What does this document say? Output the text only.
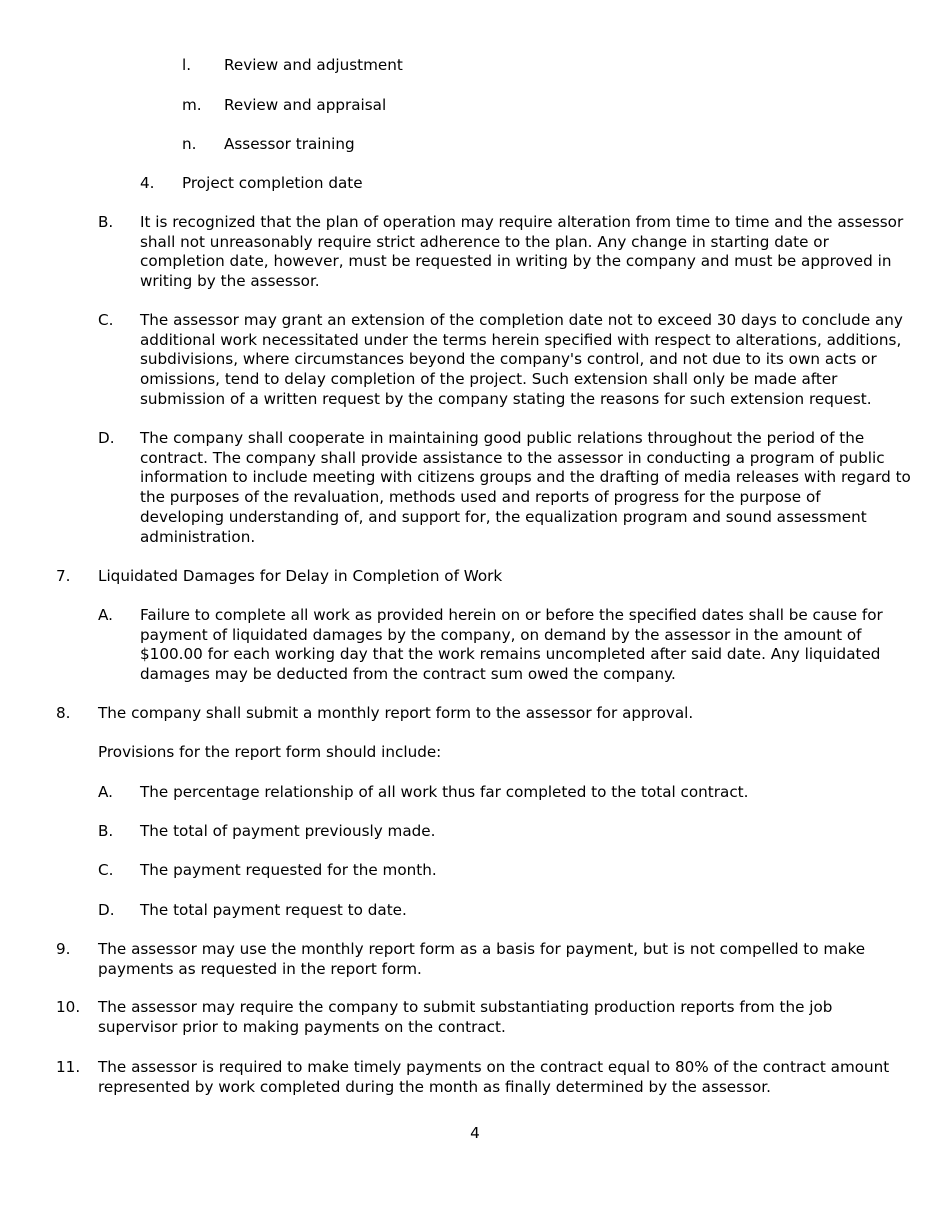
l. Review and adjustment
m. Review and appraisal
n. Assessor training
4. Project completion date
B. It is recognized that the plan of operation may require alteration from time to time and the assessor
shall not unreasonably require strict adherence to the plan. Any change in starting date or
completion date, however, must be requested in writing by the company and must be approved in
writing by the assessor.
C. The assessor may grant an extension of the completion date not to exceed 30 days to conclude any
additional work necessitated under the terms herein specified with respect to alterations, additions,
subdivisions, where circumstances beyond the company's control, and not due to its own acts or
omissions, tend to delay completion of the project. Such extension shall only be made after
submission of a written request by the company stating the reasons for such extension request.
D. The company shall cooperate in maintaining good public relations throughout the period of the
contract. The company shall provide assistance to the assessor in conducting a program of public
information to include meeting with citizens groups and the drafting of media releases with regard to
the purposes of the revaluation, methods used and reports of progress for the purpose of
developing understanding of, and support for, the equalization program and sound assessment
administration.
7. Liquidated Damages for Delay in Completion of Work
A. Failure to complete all work as provided herein on or before the specified dates shall be cause for
payment of liquidated damages by the company, on demand by the assessor in the amount of
$100.00 for each working day that the work remains uncompleted after said date. Any liquidated
damages may be deducted from the contract sum owed the company.
8. The company shall submit a monthly report form to the assessor for approval.
Provisions for the report form should include:
A. The percentage relationship of all work thus far completed to the total contract.
B. The total of payment previously made.
C. The payment requested for the month.
D. The total payment request to date.
9. The assessor may use the monthly report form as a basis for payment, but is not compelled to make
payments as requested in the report form.
10. The assessor may require the company to submit substantiating production reports from the job
supervisor prior to making payments on the contract.
11. The assessor is required to make timely payments on the contract equal to 80% of the contract amount
represented by work completed during the month as finally determined by the assessor.
4
